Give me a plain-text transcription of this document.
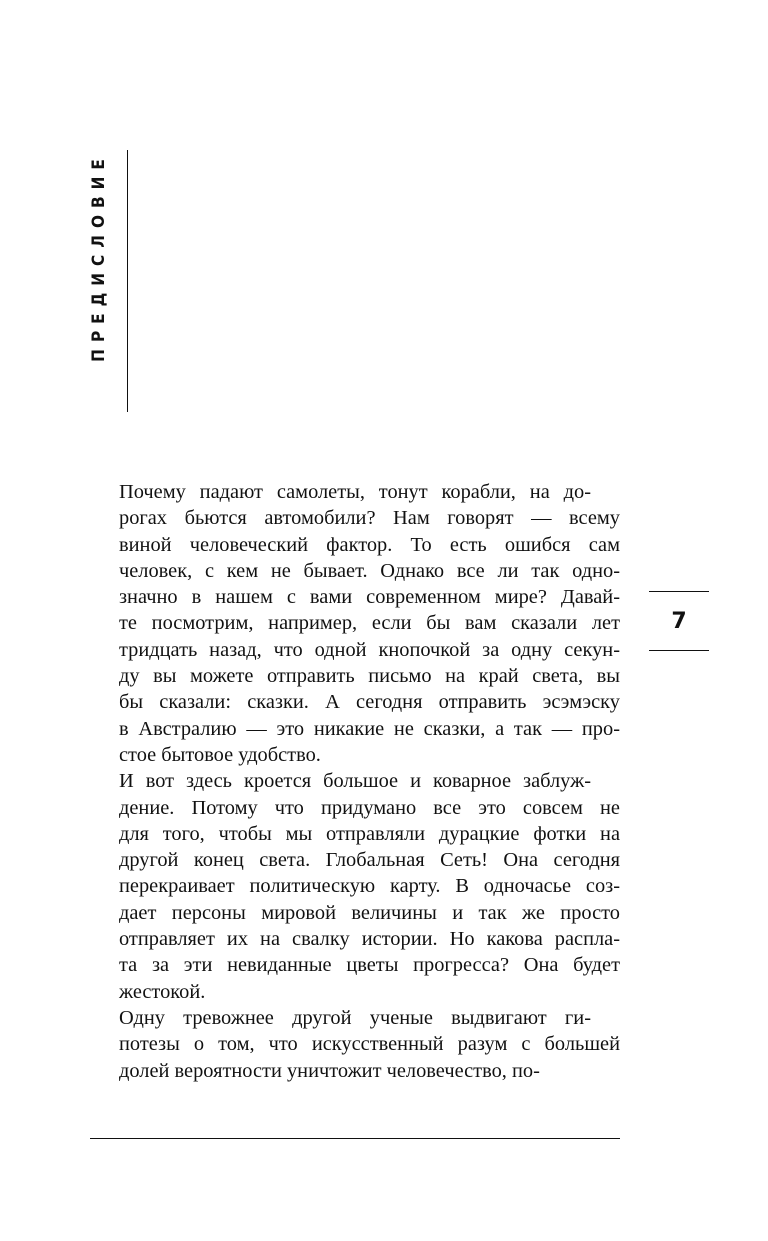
ПРЕДИСЛОВИЕ
7

Почему падают самолеты, тонут корабли, на до-
рогах бьются автомобили? Нам говорят — всему
виной человеческий фактор. То есть ошибся сам
человек, с кем не бывает. Однако все ли так одно-
значно в нашем с вами современном мире? Давай-
те посмотрим, например, если бы вам сказали лет
тридцать назад, что одной кнопочкой за одну секун-
ду вы можете отправить письмо на край света, вы
бы сказали: сказки. А сегодня отправить эсэмэску
в Австралию — это никакие не сказки, а так — про-
стое бытовое удобство.

И вот здесь кроется большое и коварное заблуж-
дение. Потому что придумано все это совсем не
для того, чтобы мы отправляли дурацкие фотки на
другой конец света. Глобальная Сеть! Она сегодня
перекраивает политическую карту. В одночасье соз-
дает персоны мировой величины и так же просто
отправляет их на свалку истории. Но какова распла-
та за эти невиданные цветы прогресса? Она будет
жестокой.

Одну тревожнее другой ученые выдвигают ги-
потезы о том, что искусственный разум с большей
долей вероятности уничтожит человечество, по-
